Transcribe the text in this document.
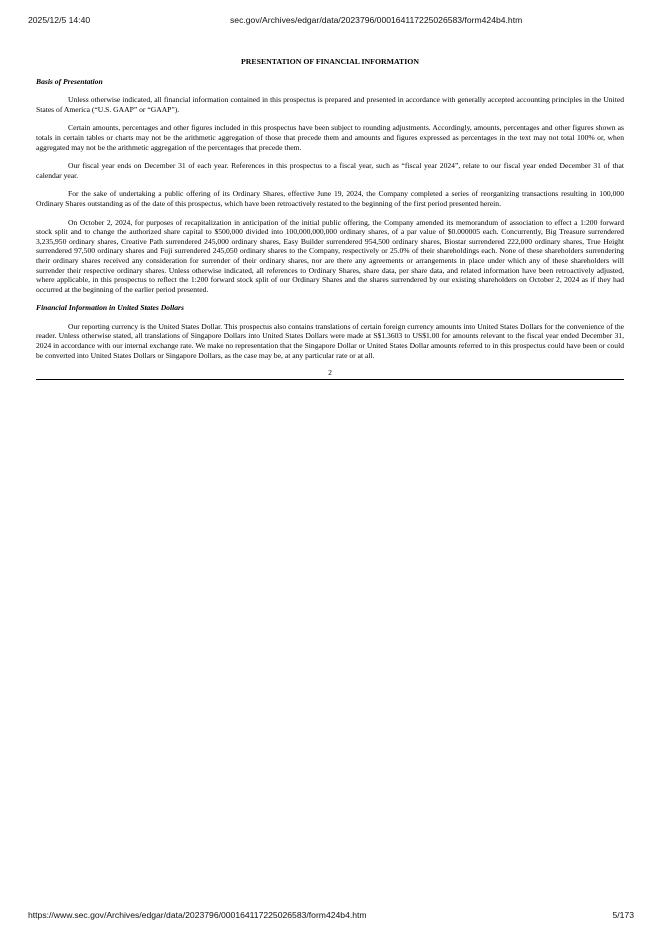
2025/12/5 14:40	sec.gov/Archives/edgar/data/2023796/000164117225026583/form424b4.htm
PRESENTATION OF FINANCIAL INFORMATION
Basis of Presentation

Unless otherwise indicated, all financial information contained in this prospectus is prepared and presented in accordance with generally accepted accounting principles in the United States of America (“U.S. GAAP” or “GAAP”).

Certain amounts, percentages and other figures included in this prospectus have been subject to rounding adjustments. Accordingly, amounts, percentages and other figures shown as totals in certain tables or charts may not be the arithmetic aggregation of those that precede them and amounts and figures expressed as percentages in the text may not total 100% or, when aggregated may not be the arithmetic aggregation of the percentages that precede them.

Our fiscal year ends on December 31 of each year. References in this prospectus to a fiscal year, such as “fiscal year 2024”, relate to our fiscal year ended December 31 of that calendar year.

For the sake of undertaking a public offering of its Ordinary Shares, effective June 19, 2024, the Company completed a series of reorganizing transactions resulting in 100,000 Ordinary Shares outstanding as of the date of this prospectus, which have been retroactively restated to the beginning of the first period presented herein.

On October 2, 2024, for purposes of recapitalization in anticipation of the initial public offering, the Company amended its memorandum of association to effect a 1:200 forward stock split and to change the authorized share capital to $500,000 divided into 100,000,000,000 ordinary shares, of a par value of $0.000005 each. Concurrently, Big Treasure surrendered 3,235,950 ordinary shares, Creative Path surrendered 245,000 ordinary shares, Easy Builder surrendered 954,500 ordinary shares, Biostar surrendered 222,000 ordinary shares, True Height surrendered 97,500 ordinary shares and Fuji surrendered 245,050 ordinary shares to the Company, respectively or 25.0% of their shareholdings each. None of these shareholders surrendering their ordinary shares received any consideration for surrender of their ordinary shares, nor are there any agreements or arrangements in place under which any of these shareholders will surrender their respective ordinary shares. Unless otherwise indicated, all references to Ordinary Shares, share data, per share data, and related information have been retroactively adjusted, where applicable, in this prospectus to reflect the 1:200 forward stock split of our Ordinary Shares and the shares surrendered by our existing shareholders on October 2, 2024 as if they had occurred at the beginning of the earlier period presented.

Financial Information in United States Dollars

Our reporting currency is the United States Dollar. This prospectus also contains translations of certain foreign currency amounts into United States Dollars for the convenience of the reader. Unless otherwise stated, all translations of Singapore Dollars into United States Dollars were made at S$1.3603 to US$1.00 for amounts relevant to the fiscal year ended December 31, 2024 in accordance with our internal exchange rate. We make no representation that the Singapore Dollar or United States Dollar amounts referred to in this prospectus could have been or could be converted into United States Dollars or Singapore Dollars, as the case may be, at any particular rate or at all.

2
https://www.sec.gov/Archives/edgar/data/2023796/000164117225026583/form424b4.htm	5/173
